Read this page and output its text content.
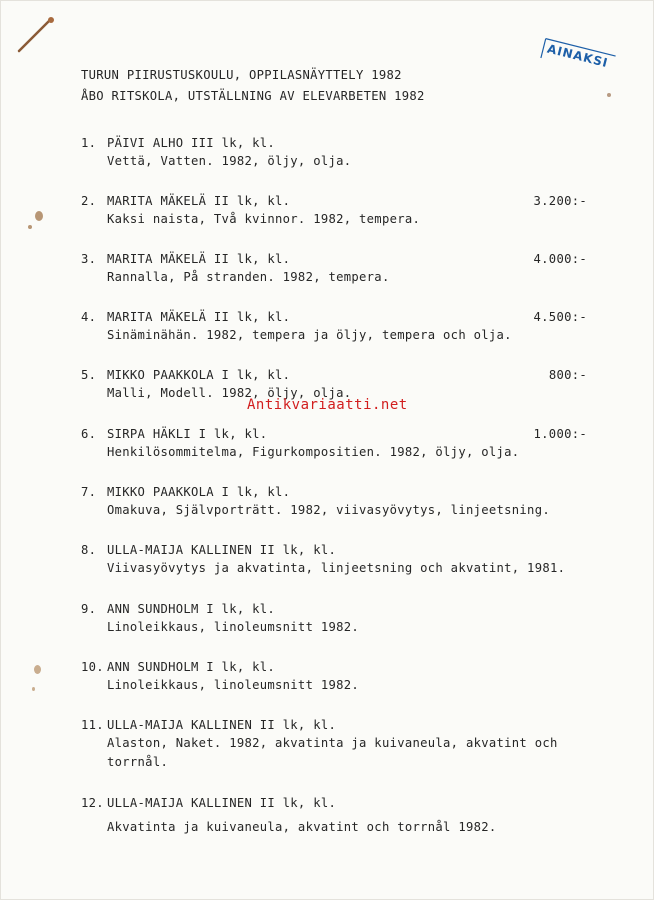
AINAKSI
TURUN PIIRUSTUSKOULU, OPPILASNÄYTTELY 1982
ÅBO RITSKOLA, UTSTÄLLNING AV ELEVARBETEN 1982
1. PÄIVI ALHO III lk, kl.
Vettä, Vatten. 1982, öljy, olja.
2. MARITA MÄKELÄ II lk, kl.	3.200:-
Kaksi naista, Två kvinnor. 1982, tempera.
3. MARITA MÄKELÄ II lk, kl.	4.000:-
Rannalla, På stranden. 1982, tempera.
4. MARITA MÄKELÄ II lk, kl.	4.500:-
Sinäminähän. 1982, tempera ja öljy, tempera och olja.
5. MIKKO PAAKKOLA I lk, kl.	800:-
Malli, Modell. 1982, öljy, olja.
Antikvariaatti.net
6. SIRPA HÄKLI I lk, kl.	1.000:-
Henkilösommitelma, Figurkompositien. 1982, öljy, olja.
7. MIKKO PAAKKOLA I lk, kl.
Omakuva, Självporträtt. 1982, viivasyövytys, linjeetsning.
8. ULLA-MAIJA KALLINEN II lk, kl.
Viivasyövytys ja akvatinta, linjeetsning och akvatint, 1981.
9. ANN SUNDHOLM I lk, kl.
Linoleikkaus, linoleumsnitt 1982.
10. ANN SUNDHOLM I lk, kl.
Linoleikkaus, linoleumsnitt 1982.
11. ULLA-MAIJA KALLINEN II lk, kl.
Alaston, Naket. 1982, akvatinta ja kuivaneula, akvatint och
torrnål.
12. ULLA-MAIJA KALLINEN II lk, kl.
Akvatinta ja kuivaneula, akvatint och torrnål 1982.
